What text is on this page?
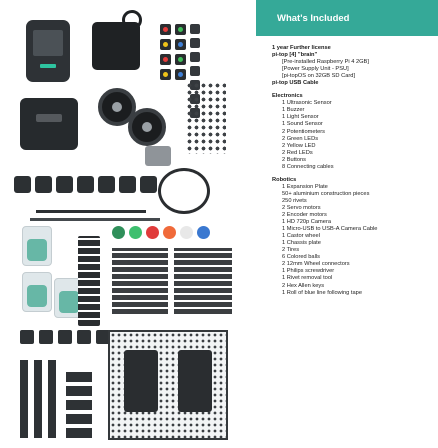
What's Included
1 year Further license
pi-top [4] "brain"
[Pre-installed Raspberry Pi 4 2GB]
[Power Supply Unit - PSU]
[pi-topOS on 32GB SD Card]
pi-top USB Cable
Electronics
1 Ultrasonic Sensor
1 Buzzer
1 Light Sensor
1 Sound Sensor
2 Potentiometers
2 Green LEDs
2 Yellow LED
2 Red LEDs
2 Buttons
8 Connecting cables
Robotics
1 Expansion Plate
50+ aluminium construction pieces
250 rivets
2 Servo motors
2 Encoder motors
1 HD 720p Camera
1 Micro-USB to USB-A Camera Cable
1 Castor wheel
1 Chassis plate
2 Tires
6 Colored balls
2 12mm Wheel connectors
1 Philips screwdriver
1 Rivet removal tool
2 Hex Allen keys
1 Roll of blue line following tape
